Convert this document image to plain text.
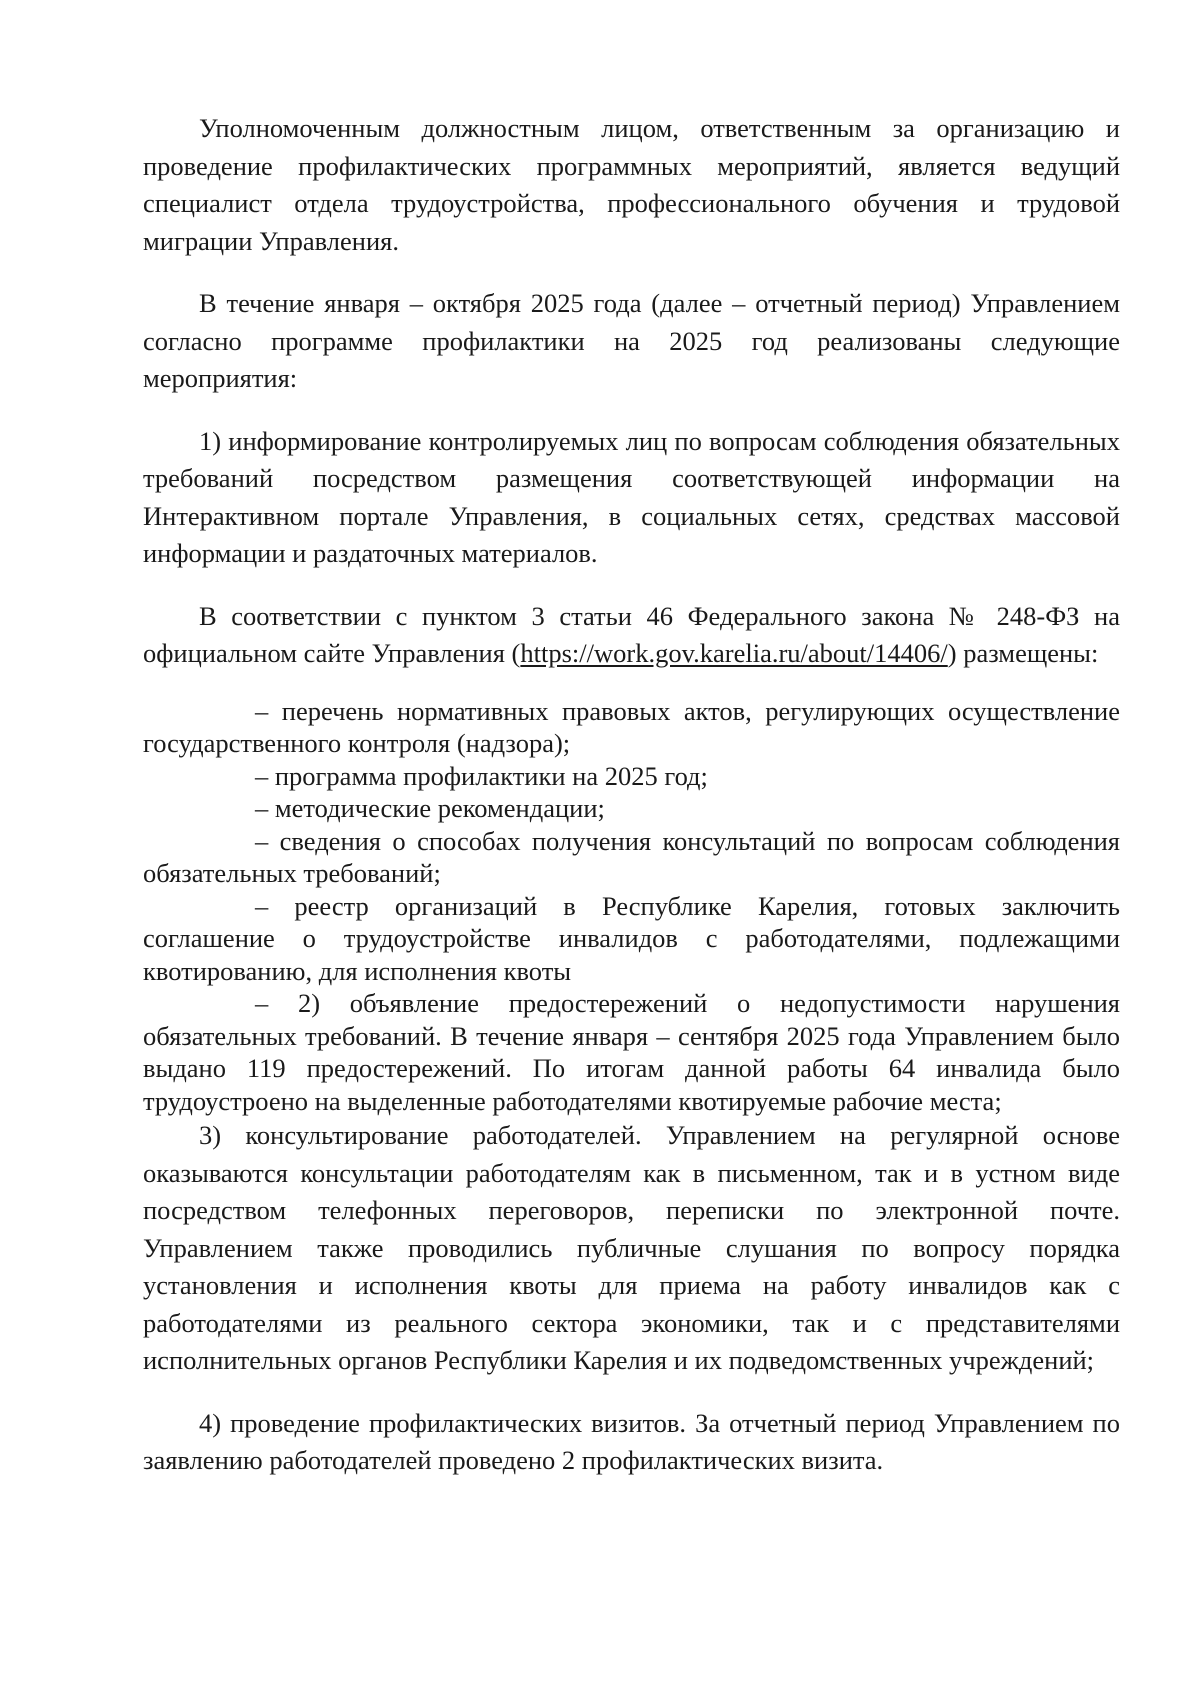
Уполномоченным должностным лицом, ответственным за организацию и проведение профилактических программных мероприятий, является ведущий специалист отдела трудоустройства, профессионального обучения и трудовой миграции Управления.

В течение января – октября 2025 года (далее – отчетный период) Управлением согласно программе профилактики на 2025 год реализованы следующие мероприятия:

1) информирование контролируемых лиц по вопросам соблюдения обязательных требований посредством размещения соответствующей информации на Интерактивном портале Управления, в социальных сетях, средствах массовой информации и раздаточных материалов.

В соответствии с пунктом 3 статьи 46 Федерального закона № 248-ФЗ на официальном сайте Управления (https://work.gov.karelia.ru/about/14406/) размещены:

– перечень нормативных правовых актов, регулирующих осуществление государственного контроля (надзора);

– программа профилактики на 2025 год;

– методические рекомендации;

– сведения о способах получения консультаций по вопросам соблюдения обязательных требований;

– реестр организаций в Республике Карелия, готовых заключить соглашение о трудоустройстве инвалидов с работодателями, подлежащими квотированию, для исполнения квоты

– 2) объявление предостережений о недопустимости нарушения обязательных требований. В течение января – сентября 2025 года Управлением было выдано 119 предостережений. По итогам данной работы 64 инвалида было трудоустроено на выделенные работодателями квотируемые рабочие места;

3) консультирование работодателей. Управлением на регулярной основе оказываются консультации работодателям как в письменном, так и в устном виде посредством телефонных переговоров, переписки по электронной почте. Управлением также проводились публичные слушания по вопросу порядка установления и исполнения квоты для приема на работу инвалидов как с работодателями из реального сектора экономики, так и с представителями исполнительных органов Республики Карелия и их подведомственных учреждений;

4) проведение профилактических визитов. За отчетный период Управлением по заявлению работодателей проведено 2 профилактических визита.
